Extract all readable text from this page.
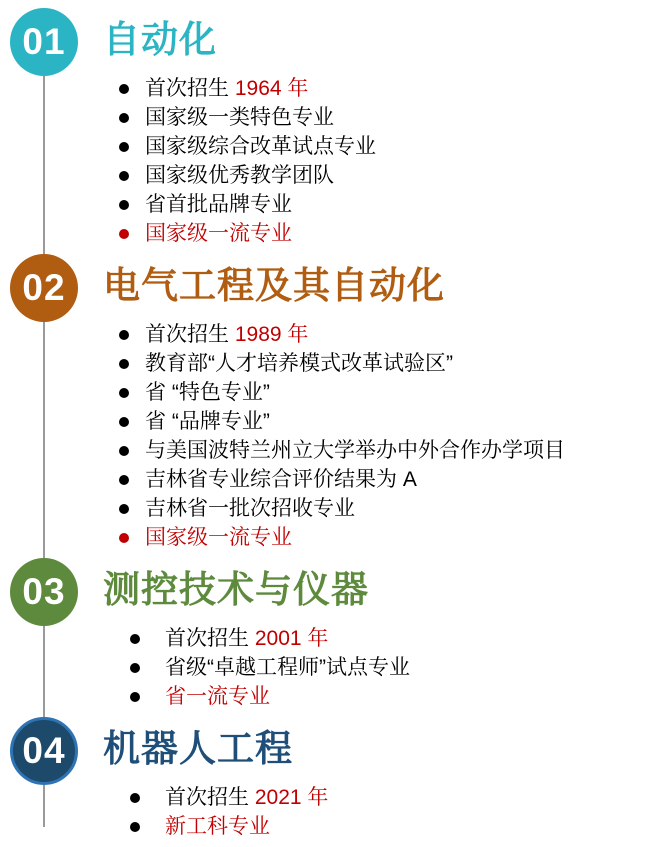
01 自动化
首次招生 1964 年
国家级一类特色专业
国家级综合改革试点专业
国家级优秀教学团队
省首批品牌专业
国家级一流专业
02 电气工程及其自动化
首次招生 1989 年
教育部“人才培养模式改革试验区”
省 “特色专业”
省 “品牌专业”
与美国波特兰州立大学举办中外合作办学项目
吉林省专业综合评价结果为 A
吉林省一批次招收专业
国家级一流专业
03 测控技术与仪器
首次招生 2001 年
省级“卓越工程师”试点专业
省一流专业
04 机器人工程
首次招生 2021 年
新工科专业
